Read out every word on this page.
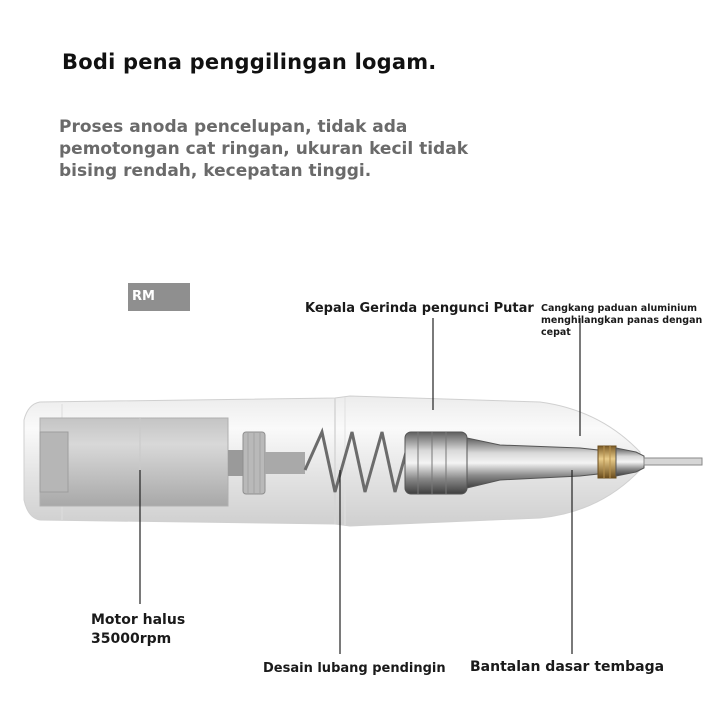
Bodi pena penggilingan logam.

Proses anoda pencelupan, tidak ada pemotongan cat ringan, ukuran kecil tidak bising rendah, kecepatan tinggi.

RM
Kepala Gerinda pengunci Putar Cangkang paduan aluminium menghilangkan panas dengan cepat
Motor halus
35000rpm
Desain lubang pendingin Bantalan dasar tembaga
